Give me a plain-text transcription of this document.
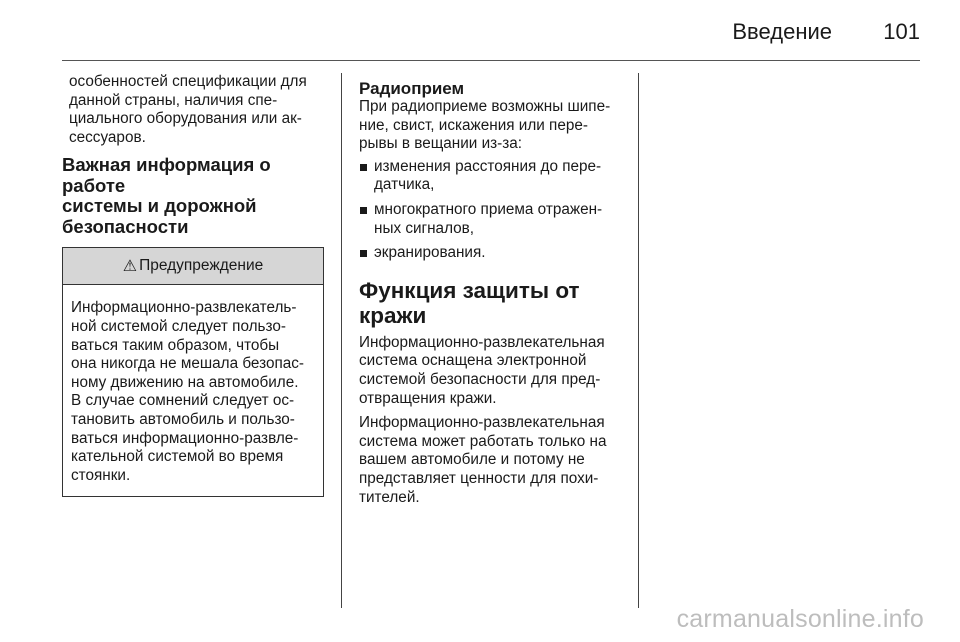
Введение 101

особенностей спецификации для

данной страны, наличия спе-

циального оборудования или ак-

сессуаров.

Важная информация о работе

системы и дорожной

безопасности

⚠ Предупреждение

Информационно-развлекатель-

ной системой следует пользо-

ваться таким образом, чтобы

она никогда не мешала безопас-

ному движению на автомобиле.

В случае сомнений следует ос-

тановить автомобиль и пользо-

ваться информационно-развле-

кательной системой во время

стоянки.

Радиоприем

При радиоприеме возможны шипе-

ние, свист, искажения или пере-

рывы в вещании из-за:

изменения расстояния до пере-

датчика,

многократного приема отражен-

ных сигналов,

экранирования.

Функция защиты от

кражи

Информационно-развлекательная

система оснащена электронной

системой безопасности для пред-

отвращения кражи.

Информационно-развлекательная

система может работать только на

вашем автомобиле и потому не

представляет ценности для похи-

тителей.

carmanualsonline.info
